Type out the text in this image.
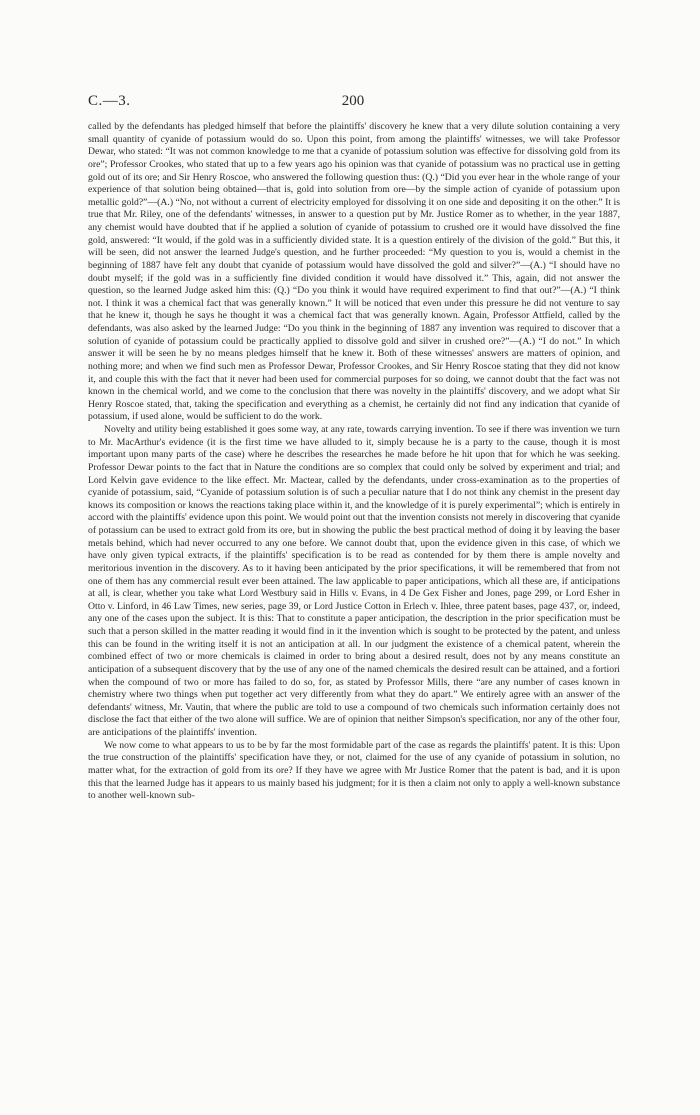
C.—3.	200

called by the defendants has pledged himself that before the plaintiffs' discovery he knew that a very dilute solution containing a very small quantity of cyanide of potassium would do so. Upon this point, from among the plaintiffs' witnesses, we will take Professor Dewar, who stated: “It was not common knowledge to me that a cyanide of potassium solution was effective for dissolving gold from its ore”; Professor Crookes, who stated that up to a few years ago his opinion was that cyanide of potassium was no practical use in getting gold out of its ore; and Sir Henry Roscoe, who answered the following question thus: (Q.) “Did you ever hear in the whole range of your experience of that solution being obtained—that is, gold into solution from ore—by the simple action of cyanide of potassium upon metallic gold?”—(A.) “No, not without a current of electricity employed for dissolving it on one side and depositing it on the other.” It is true that Mr. Riley, one of the defendants' witnesses, in answer to a question put by Mr. Justice Romer as to whether, in the year 1887, any chemist would have doubted that if he applied a solution of cyanide of potassium to crushed ore it would have dissolved the fine gold, answered: “It would, if the gold was in a sufficiently divided state. It is a question entirely of the division of the gold.” But this, it will be seen, did not answer the learned Judge's question, and he further proceeded: “My question to you is, would a chemist in the beginning of 1887 have felt any doubt that cyanide of potassium would have dissolved the gold and silver?”—(A.) “I should have no doubt myself; if the gold was in a sufficiently fine divided condition it would have dissolved it.” This, again, did not answer the question, so the learned Judge asked him this: (Q.) “Do you think it would have required experiment to find that out?”—(A.) “I think not. I think it was a chemical fact that was generally known.” It will be noticed that even under this pressure he did not venture to say that he knew it, though he says he thought it was a chemical fact that was generally known. Again, Professor Attfield, called by the defendants, was also asked by the learned Judge: “Do you think in the beginning of 1887 any invention was required to discover that a solution of cyanide of potassium could be practically applied to dissolve gold and silver in crushed ore?”—(A.) “I do not.” In which answer it will be seen he by no means pledges himself that he knew it. Both of these witnesses' answers are matters of opinion, and nothing more; and when we find such men as Professor Dewar, Professor Crookes, and Sir Henry Roscoe stating that they did not know it, and couple this with the fact that it never had been used for commercial purposes for so doing, we cannot doubt that the fact was not known in the chemical world, and we come to the conclusion that there was novelty in the plaintiffs' discovery, and we adopt what Sir Henry Roscoe stated, that, taking the specification and everything as a chemist, he certainly did not find any indication that cyanide of potassium, if used alone, would be sufficient to do the work.

Novelty and utility being established it goes some way, at any rate, towards carrying invention. To see if there was invention we turn to Mr. MacArthur's evidence (it is the first time we have alluded to it, simply because he is a party to the cause, though it is most important upon many parts of the case) where he describes the researches he made before he hit upon that for which he was seeking. Professor Dewar points to the fact that in Nature the conditions are so complex that could only be solved by experiment and trial; and Lord Kelvin gave evidence to the like effect. Mr. Mactear, called by the defendants, under cross-examination as to the properties of cyanide of potassium, said, “Cyanide of potassium solution is of such a peculiar nature that I do not think any chemist in the present day knows its composition or knows the reactions taking place within it, and the knowledge of it is purely experimental”; which is entirely in accord with the plaintiffs' evidence upon this point. We would point out that the invention consists not merely in discovering that cyanide of potassium can be used to extract gold from its ore, but in showing the public the best practical method of doing it by leaving the baser metals behind, which had never occurred to any one before. We cannot doubt that, upon the evidence given in this case, of which we have only given typical extracts, if the plaintiffs' specification is to be read as contended for by them there is ample novelty and meritorious invention in the discovery. As to it having been anticipated by the prior specifications, it will be remembered that from not one of them has any commercial result ever been attained. The law applicable to paper anticipations, which all these are, if anticipations at all, is clear, whether you take what Lord Westbury said in Hills v. Evans, in 4 De Gex Fisher and Jones, page 299, or Lord Esher in Otto v. Linford, in 46 Law Times, new series, page 39, or Lord Justice Cotton in Erlech v. Ihlee, three patent bases, page 437, or, indeed, any one of the cases upon the subject. It is this: That to constitute a paper anticipation, the description in the prior specification must be such that a person skilled in the matter reading it would find in it the invention which is sought to be protected by the patent, and unless this can be found in the writing itself it is not an anticipation at all. In our judgment the existence of a chemical patent, wherein the combined effect of two or more chemicals is claimed in order to bring about a desired result, does not by any means constitute an anticipation of a subsequent discovery that by the use of any one of the named chemicals the desired result can be attained, and a fortiori when the compound of two or more has failed to do so, for, as stated by Professor Mills, there “are any number of cases known in chemistry where two things when put together act very differently from what they do apart.” We entirely agree with an answer of the defendants' witness, Mr. Vautin, that where the public are told to use a compound of two chemicals such information certainly does not disclose the fact that either of the two alone will suffice. We are of opinion that neither Simpson's specification, nor any of the other four, are anticipations of the plaintiffs' invention.

We now come to what appears to us to be by far the most formidable part of the case as regards the plaintiffs' patent. It is this: Upon the true construction of the plaintiffs' specification have they, or not, claimed for the use of any cyanide of potassium in solution, no matter what, for the extraction of gold from its ore? If they have we agree with Mr Justice Romer that the patent is bad, and it is upon this that the learned Judge has it appears to us mainly based his judgment; for it is then a claim not only to apply a well-known substance to another well-known sub-
